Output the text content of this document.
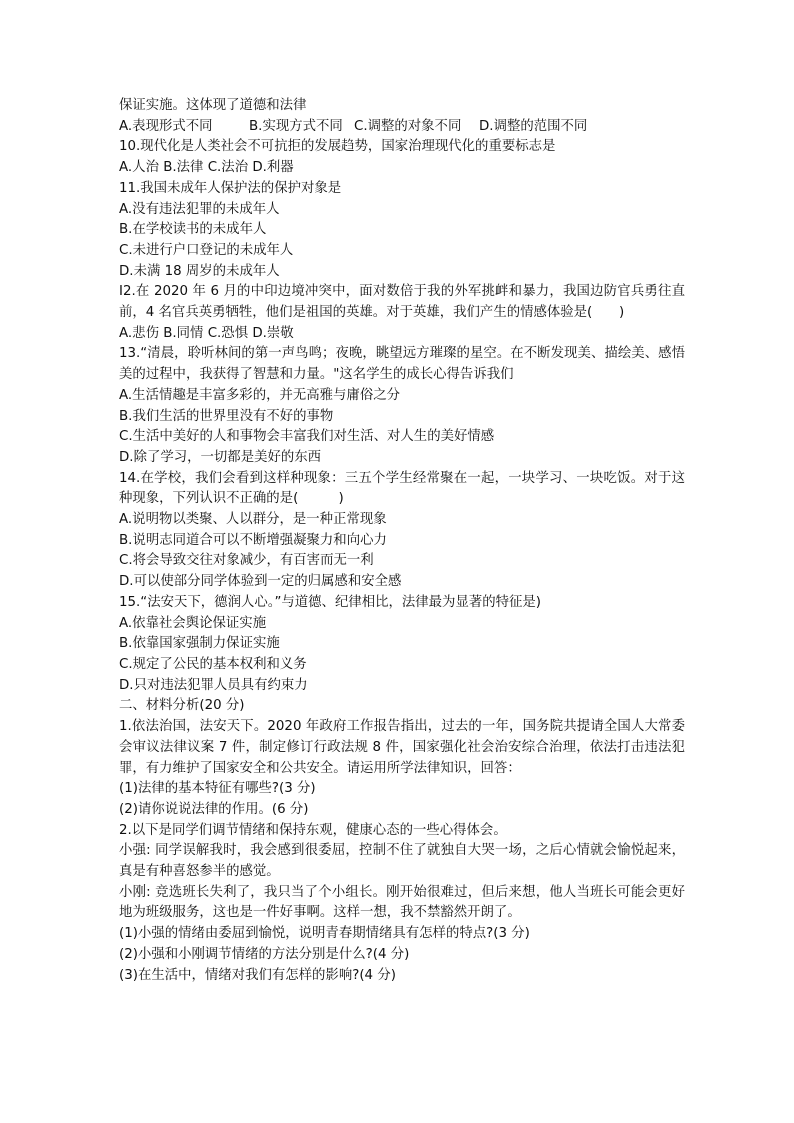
保证实施。这体现了道德和法律
A.表现形式不同	B.实现方式不同 C.调整的对象不同	D.调整的范围不同
10.现代化是人类社会不可抗拒的发展趋势，国家治理现代化的重要标志是
A.人治 B.法律 C.法治 D.利器
11.我国未成年人保护法的保护对象是
A.没有违法犯罪的未成年人
B.在学校读书的未成年人
C.未进行户口登记的未成年人
D.未满 18 周岁的未成年人
I2.在 2020 年 6 月的中印边境冲突中，面对数倍于我的外军挑衅和暴力，我国边防官兵勇往直前，4 名官兵英勇牺牲，他们是祖国的英雄。对于英雄，我们产生的情感体验是(　　)
A.悲伤 B.同情 C.恐惧 D.崇敬
13.“清晨，聆听林间的第一声鸟鸣；夜晚，眺望远方璀璨的星空。在不断发现美、描绘美、感悟美的过程中，我获得了智慧和力量。"这名学生的成长心得告诉我们
A.生活情趣是丰富多彩的，并无高雅与庸俗之分
B.我们生活的世界里没有不好的事物
C.生活中美好的人和事物会丰富我们对生活、对人生的美好情感
D.除了学习，一切都是美好的东西
14.在学校，我们会看到这样种现象：三五个学生经常聚在一起，一块学习、一块吃饭。对于这种现象，下列认识不正确的是(　　　)
A.说明物以类聚、人以群分，是一种正常现象
B.说明志同道合可以不断增强凝聚力和向心力
C.将会导致交往对象减少，有百害而无一利
D.可以使部分同学体验到一定的归属感和安全感
15.“法安天下，德润人心。”与道德、纪律相比，法律最为显著的特征是)
A.依靠社会舆论保证实施
B.依靠国家强制力保证实施
C.规定了公民的基本权利和义务
D.只对违法犯罪人员具有约束力
二、材料分析(20 分)
1.依法治国，法安天下。2020 年政府工作报告指出，过去的一年，国务院共提请全国人大常委会审议法律议案 7 件，制定修订行政法规 8 件，国家强化社会治安综合治理，依法打击违法犯罪，有力维护了国家安全和公共安全。请运用所学法律知识，回答：
(1)法律的基本特征有哪些?(3 分)
(2)请你说说法律的作用。(6 分)
2.以下是同学们调节情绪和保持东观，健康心态的一些心得体会。
小强: 同学误解我时，我会感到很委屈，控制不住了就独自大哭一场，之后心情就会愉悦起来，真是有种喜怒参半的感觉。
小刚: 竞选班长失利了，我只当了个小组长。刚开始很难过，但后来想，他人当班长可能会更好地为班级服务，这也是一件好事啊。这样一想，我不禁豁然开朗了。
(1)小强的情绪由委屈到愉悦，说明青春期情绪具有怎样的特点?(3 分)
(2)小强和小刚调节情绪的方法分别是什么?(4 分)
(3)在生活中，情绪对我们有怎样的影响?(4 分)
